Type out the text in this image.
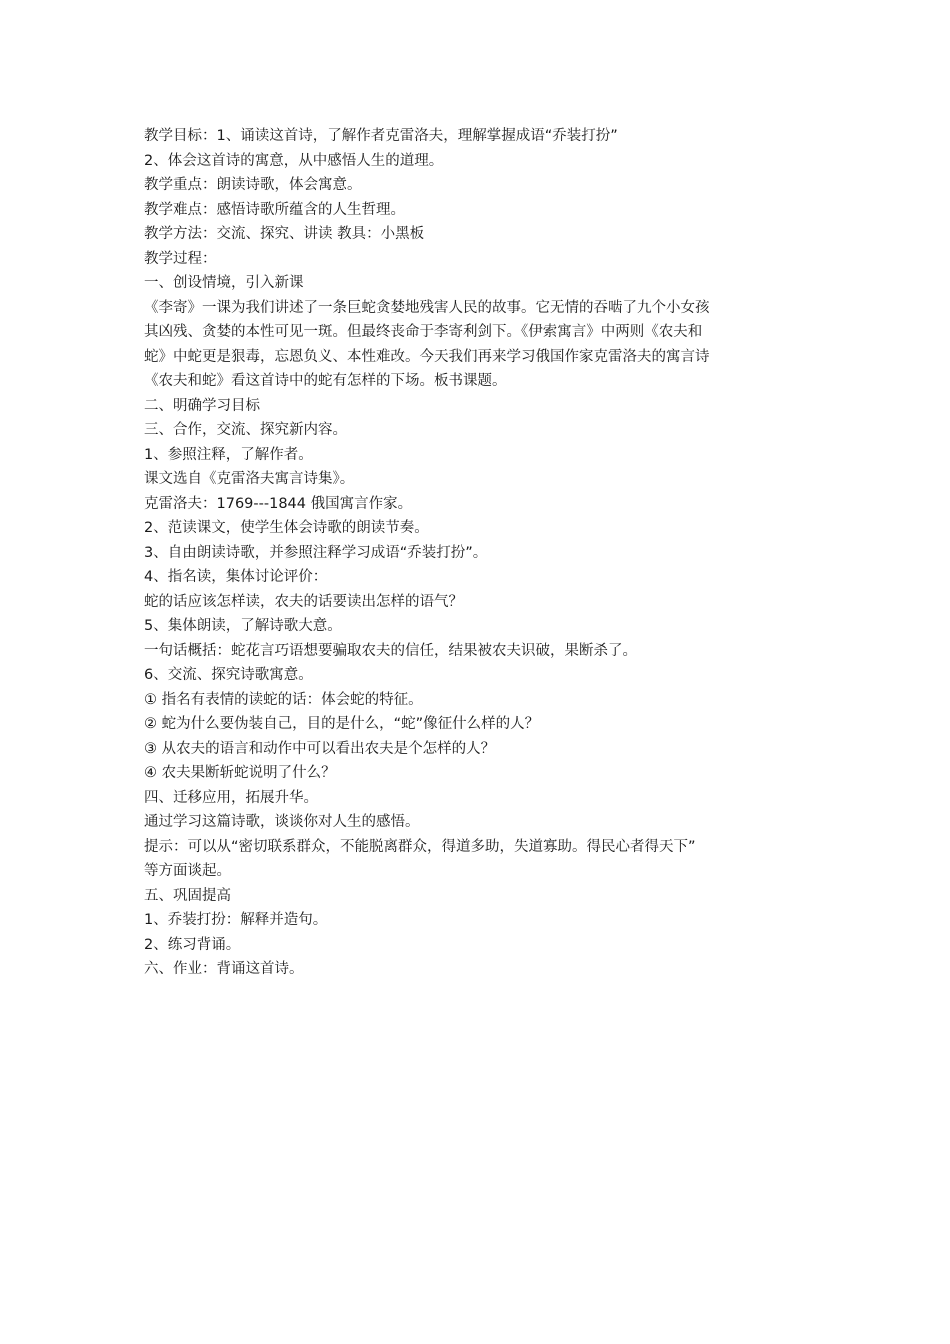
教学目标：1、诵读这首诗，了解作者克雷洛夫，理解掌握成语“乔装打扮”
2、体会这首诗的寓意，从中感悟人生的道理。
教学重点：朗读诗歌，体会寓意。
教学难点：感悟诗歌所蕴含的人生哲理。
教学方法：交流、探究、讲读 教具：小黑板
教学过程：
一、创设情境，引入新课
《李寄》一课为我们讲述了一条巨蛇贪婪地残害人民的故事。它无情的吞啮了九个小女孩
其凶残、贪婪的本性可见一斑。但最终丧命于李寄利剑下。《伊索寓言》中两则《农夫和
蛇》中蛇更是狠毒，忘恩负义、本性难改。今天我们再来学习俄国作家克雷洛夫的寓言诗
《农夫和蛇》看这首诗中的蛇有怎样的下场。板书课题。
二、明确学习目标
三、合作，交流、探究新内容。
1、参照注释，了解作者。
课文选自《克雷洛夫寓言诗集》。
克雷洛夫：1769---1844 俄国寓言作家。
2、范读课文，使学生体会诗歌的朗读节奏。
3、自由朗读诗歌，并参照注释学习成语“乔装打扮”。
4、指名读，集体讨论评价：
蛇的话应该怎样读，农夫的话要读出怎样的语气？
5、集体朗读，了解诗歌大意。
一句话概括：蛇花言巧语想要骗取农夫的信任，结果被农夫识破，果断杀了。
6、交流、探究诗歌寓意。
① 指名有表情的读蛇的话：体会蛇的特征。
② 蛇为什么要伪装自己，目的是什么，“蛇”像征什么样的人？
③ 从农夫的语言和动作中可以看出农夫是个怎样的人？
④ 农夫果断斩蛇说明了什么？
四、迁移应用，拓展升华。
通过学习这篇诗歌，谈谈你对人生的感悟。
提示：可以从“密切联系群众，不能脱离群众，得道多助，失道寡助。得民心者得天下”
等方面谈起。
五、巩固提高
1、乔装打扮：解释并造句。
2、练习背诵。
六、作业：背诵这首诗。
